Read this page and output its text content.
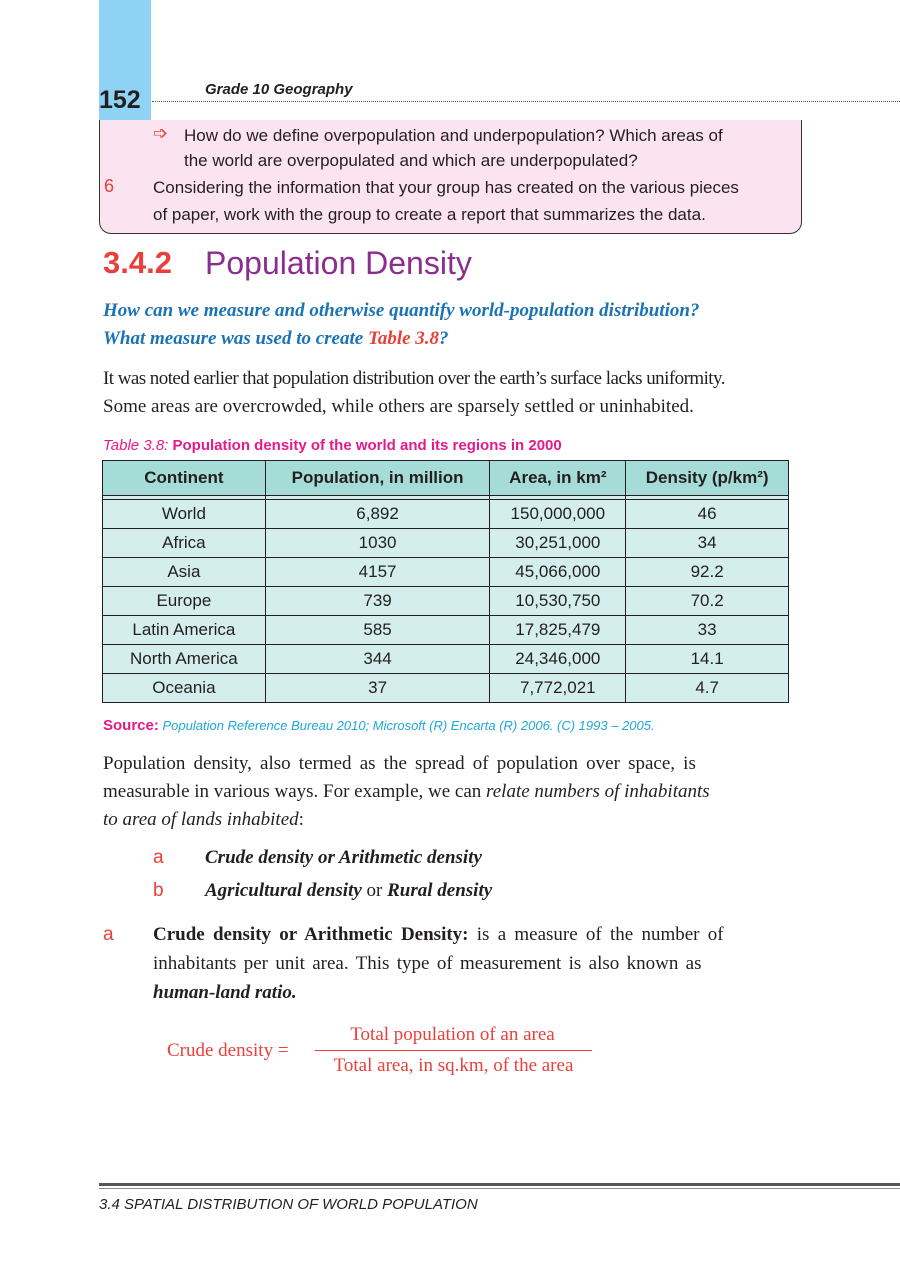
152	Grade 10 Geography
➩ How do we define overpopulation and underpopulation? Which areas of
the world are overpopulated and which are underpopulated?
6 Considering the information that your group has created on the various pieces
of paper, work with the group to create a report that summarizes the data.
3.4.2 Population Density
How can we measure and otherwise quantify world-population distribution?
What measure was used to create Table 3.8?
It was noted earlier that population distribution over the earth’s surface lacks uniformity.
Some areas are overcrowded, while others are sparsely settled or uninhabited.
Table 3.8: Population density of the world and its regions in 2000
Continent	Population, in million	Area, in km²	Density (p/km²)

World	6,892	150,000,000	46
Africa	1030	30,251,000	34
Asia	4157	45,066,000	92.2
Europe	739	10,530,750	70.2
Latin America	585	17,825,479	33
North America	344	24,346,000	14.1
Oceania	37	7,772,021	4.7
Source: Population Reference Bureau 2010; Microsoft (R) Encarta (R) 2006. (C) 1993 – 2005.
Population density, also termed as the spread of population over space, is
measurable in various ways. For example, we can relate numbers of inhabitants
to area of lands inhabited:
a Crude density or Arithmetic density
b Agricultural density or Rural density
a Crude density or Arithmetic Density: is a measure of the number of
inhabitants per unit area. This type of measurement is also known as
human-land ratio.
Crude density =
Total population of an area
Total area, in sq.km, of the area
3.4 SPATIAL DISTRIBUTION OF WORLD POPULATION
